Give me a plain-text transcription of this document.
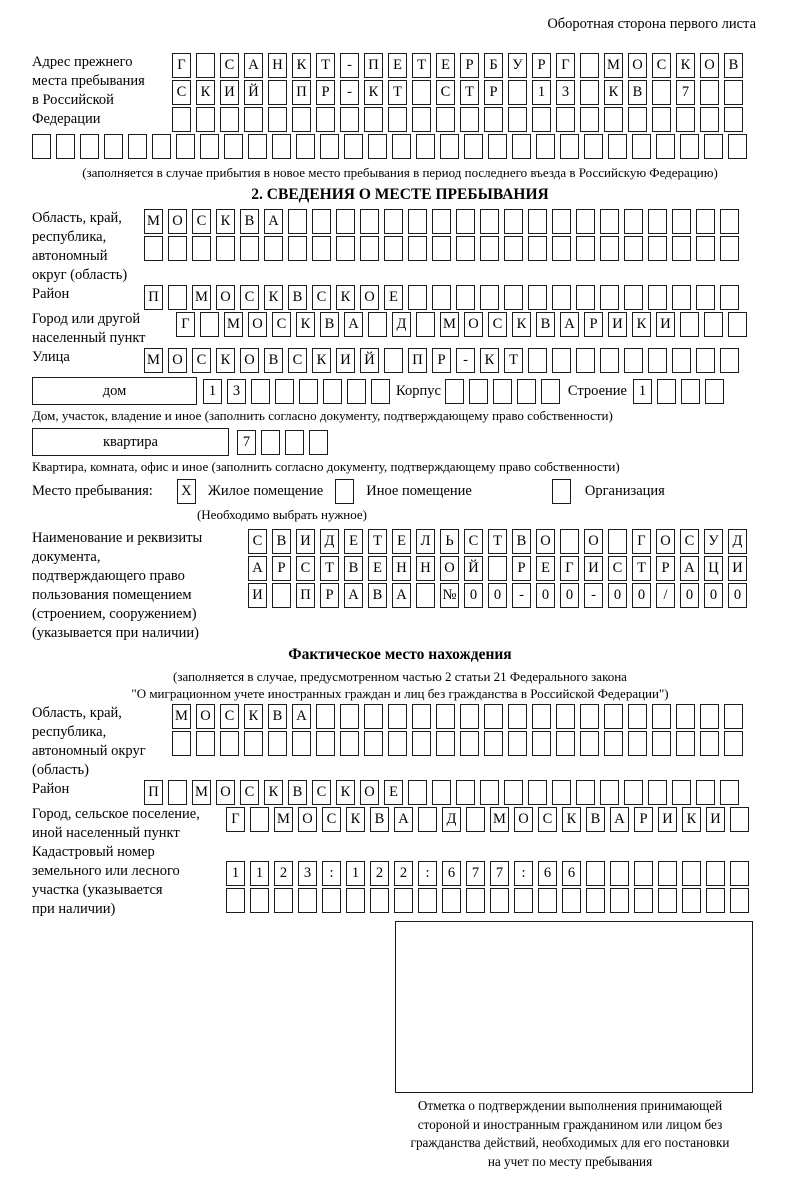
Оборотная сторона первого листа
Адрес прежнего места пребывания в Российской Федерации
Г	С А Н К	Т	-	П Е	Т	Е	Р	Б	У	Р	Г	М О С К О В
С К И Й	П	Р	-	К	Т	С	Т	Р	1	3	К В	7
(заполняется в случае прибытия в новое место пребывания в период последнего въезда в Российскую Федерацию)
2. СВЕДЕНИЯ О МЕСТЕ ПРЕБЫВАНИЯ
Область, край, республика, автономный округ (область)
М О С К В А
Район	П	М О С К В С К О Е
Город или другой населенный пункт
Г	М О С К В А	Д	М О С К В А	Р	И К И
Улица	М О С К О В С К И Й	П	Р	-	К	Т
дом	1	3	Корпус	Строение 1
Дом, участок, владение и иное (заполнить согласно документу, подтверждающему право собственности)
квартира	7
Квартира, комната, офис и иное (заполнить согласно документу, подтверждающему право собственности)
Место пребывания: X Жилое помещение	Иное помещение	Организация
(Необходимо выбрать нужное)
Наименование и реквизиты документа, подтверждающего право пользования помещением (строением, сооружением) (указывается при наличии)
С В И Д	Е	Т	Е	Л	Ь	С	Т	В О	О	Г	О С У Д
А	Р	С	Т	В	Е Н Н О Й	Р	Е	Г	И С	Т	Р	А Ц И
И	П	Р	А В А № 0	0	-	0	0	-	0	0	/	0	0	0
Фактическое место нахождения
(заполняется в случае, предусмотренном частью 2 статьи 21 Федерального закона
"О миграционном учете иностранных граждан и лиц без гражданства в Российской Федерации")
Область, край, республика, автономный округ (область)
М О С К В А
Район	П	М О С К В С К О Е
Город, сельское поселение, иной населенный пункт
Г	М О С К В А	Д	М О С К В А	Р	И К И
Кадастровый номер земельного или лесного участка (указывается при наличии)
1	1	2	3	:	1	2	2	:	6	7	7	:	6	6
Отметка о подтверждении выполнения принимающей
стороной и иностранным гражданином или лицом без
гражданства действий, необходимых для его постановки
на учет по месту пребывания
